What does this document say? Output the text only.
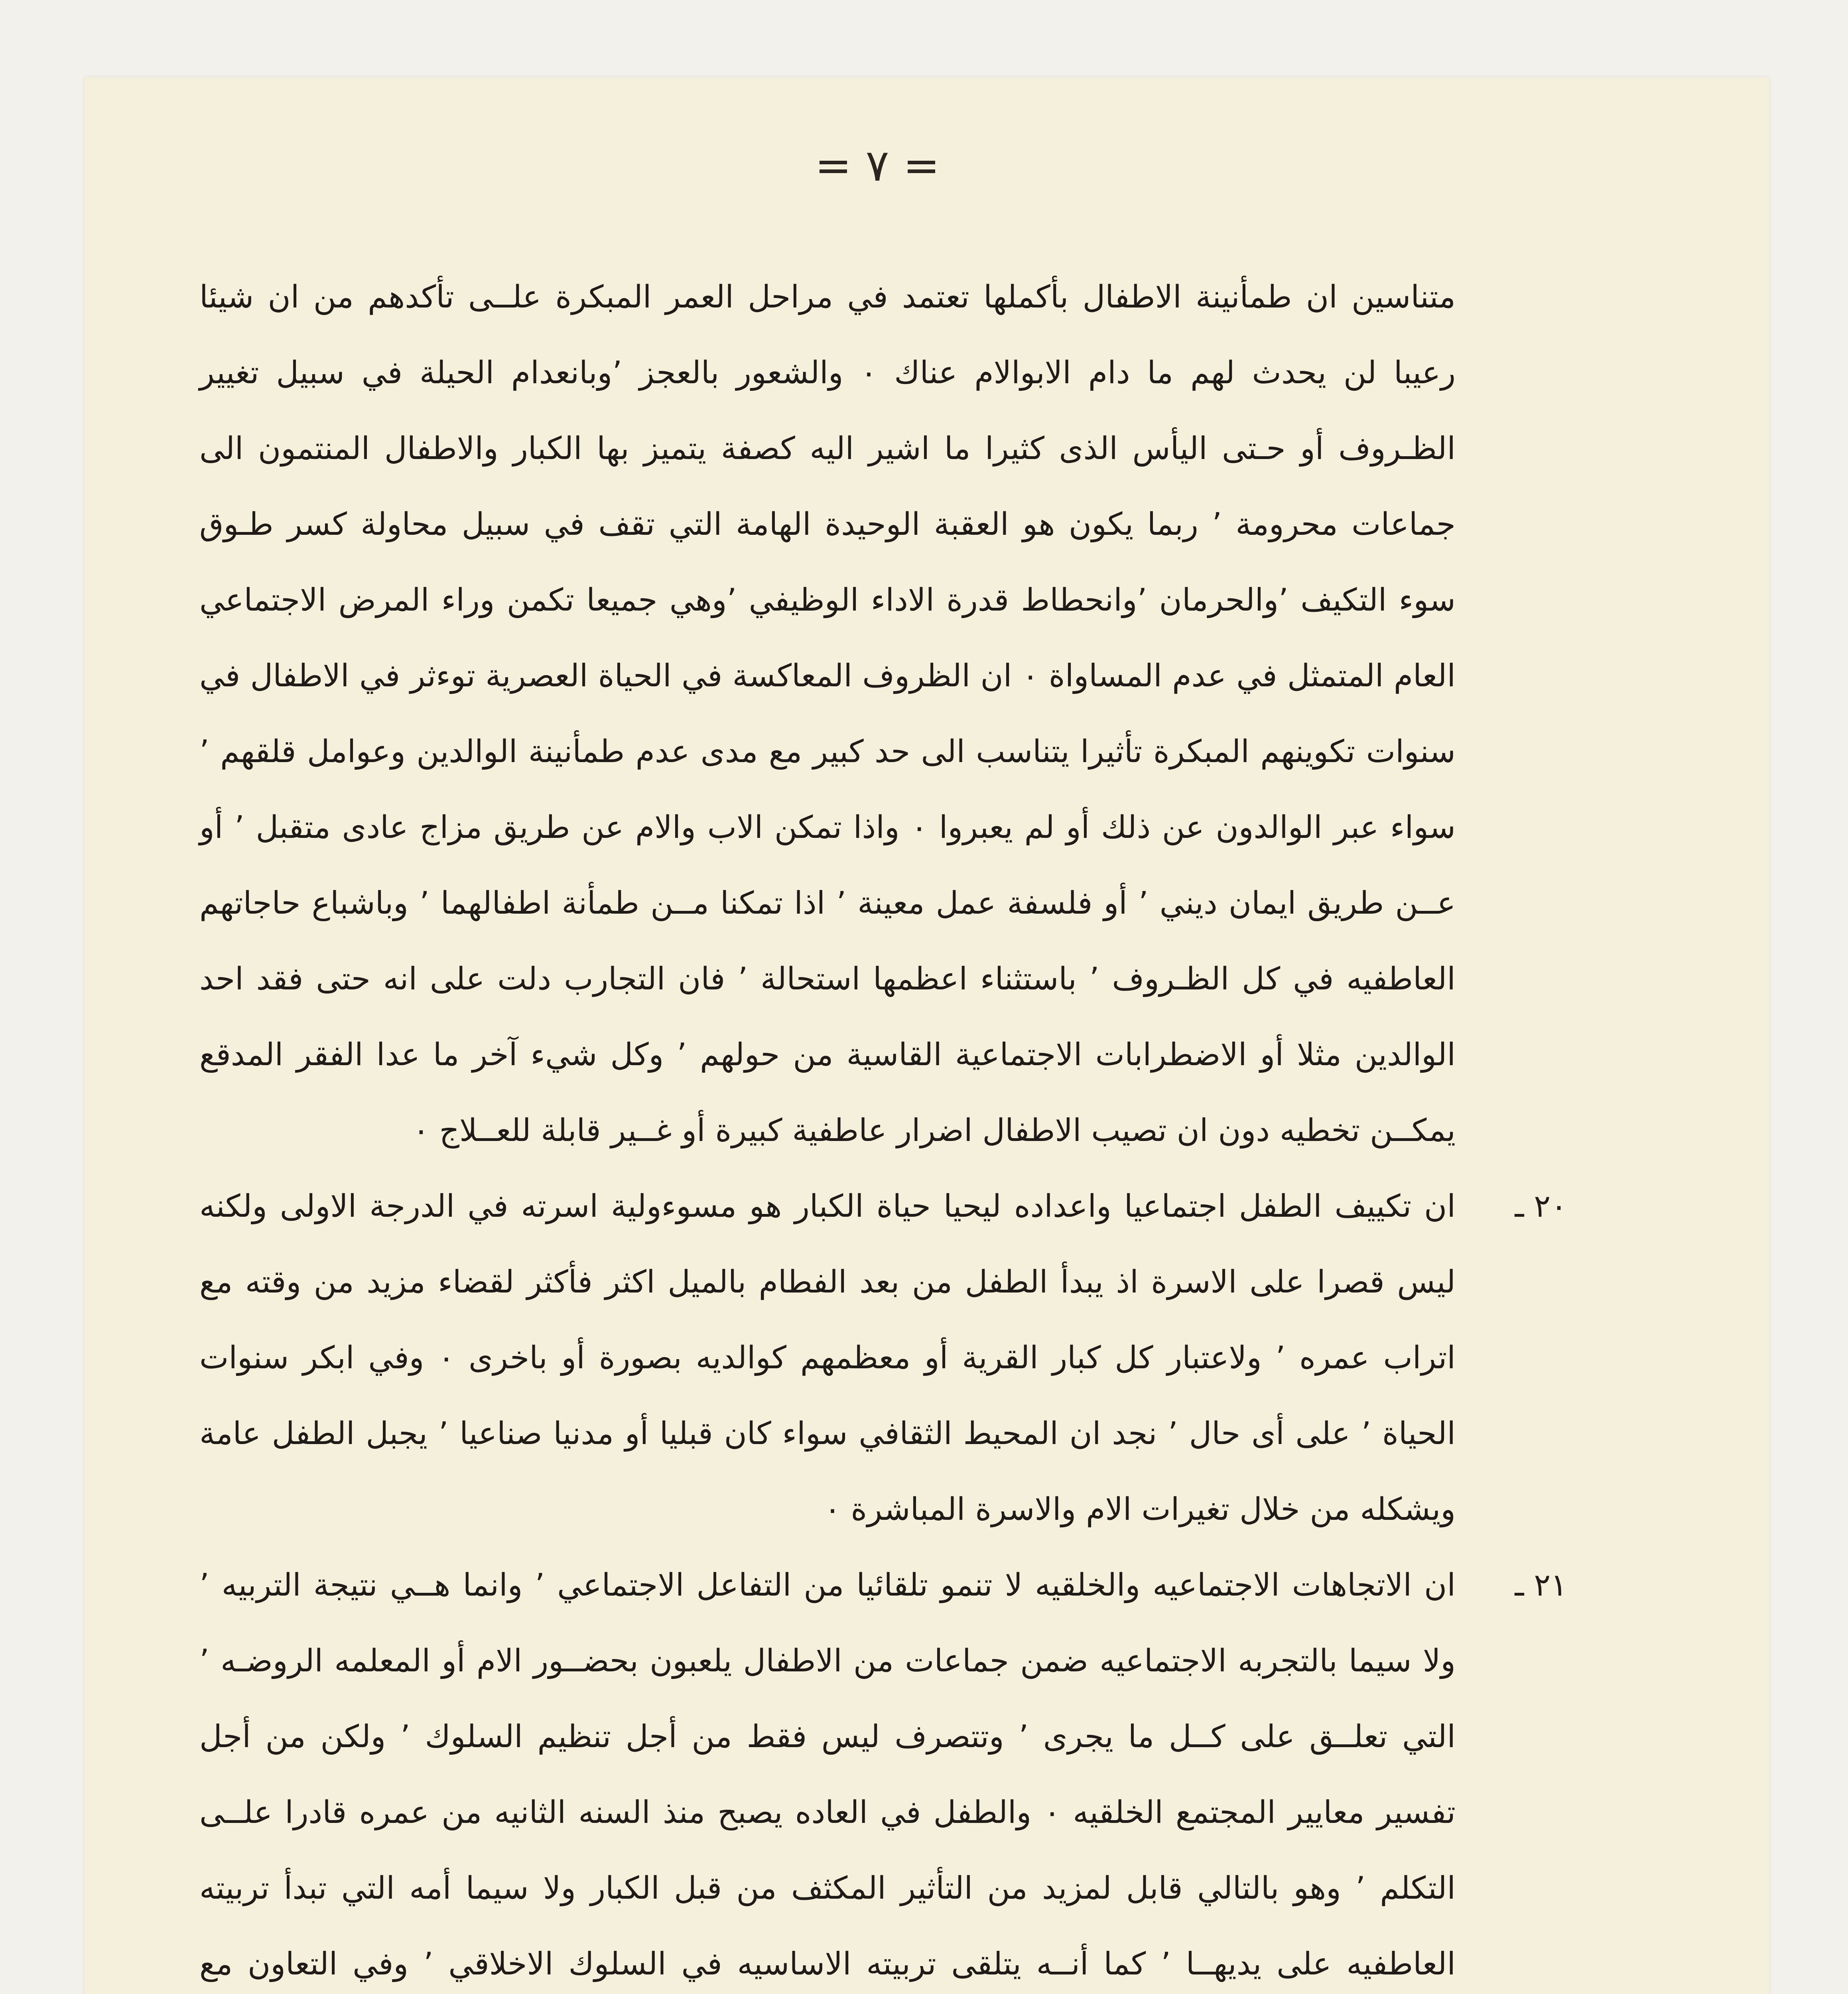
= ٧ =

متناسين ان طمأنينة الاطفال بأكملها تعتمد في مراحل العمر المبكرة علــى تأكدهم من ان شيئا رعيبا لن يحدث لهم ما دام الابوالام عناك ٠ والشعور بالعجز ٬وبانعدام الحيلة في سبيل تغيير الظـروف أو حـتى اليأس الذى كثيرا ما اشير اليه كصفة يتميز بها الكبار والاطفال المنتمون الى جماعات محرومة ٬ ربما يكون هو العقبة الوحيدة الهامة التي تقف في سبيل محاولة كسر طـوق سوء التكيف ٬والحرمان ٬وانحطاط قدرة الاداء الوظيفي ٬وهي جميعا تكمن وراء المرض الاجتماعي العام المتمثل في عدم المساواة ٠ ان الظروف المعاكسة في الحياة العصرية توءثر في الاطفال في سنوات تكوينهم المبكرة تأثيرا يتناسب الى حد كبير مع مدى عدم طمأنينة الوالدين وعوامل قلقهم ٬ سواء عبر الوالدون عن ذلك أو لم يعبروا ٠ واذا تمكن الاب والام عن طريق مزاج عادى متقبل ٬ أو عــن طريق ايمان ديني ٬ أو فلسفة عمل معينة ٬ اذا تمكنا مــن طمأنة اطفالهما ٬ وباشباع حاجاتهم العاطفيه في كل الظـروف ٬ باستثناء اعظمها استحالة ٬ فان التجارب دلت على انه حتى فقد احد الوالدين مثلا أو الاضطرابات الاجتماعية القاسية من حولهم ٬ وكل شيء آخر ما عدا الفقر المدقع يمكــن تخطيه دون ان تصيب الاطفال اضرار عاطفية كبيرة أو غــير قابلة للعــلاج ٠

٢٠ ـ
ان تكييف الطفل اجتماعيا واعداده ليحيا حياة الكبار هو مسوءولية اسرته في الدرجة الاولى ولكنه ليس قصرا على الاسرة اذ يبدأ الطفل من بعد الفطام بالميل اكثر فأكثر لقضاء مزيد من وقته مع اتراب عمره ٬ ولاعتبار كل كبار القرية أو معظمهم كوالديه بصورة أو باخرى ٠ وفي ابكر سنوات الحياة ٬ على أى حال ٬ نجد ان المحيط الثقافي سواء كان قبليا أو مدنيا صناعيا ٬ يجبل الطفل عامة ويشكله من خلال تغيرات الام والاسرة المباشرة ٠

٢١ ـ
ان الاتجاهات الاجتماعيه والخلقيه لا تنمو تلقائيا من التفاعل الاجتماعي ٬ وانما هــي نتيجة التربيه ٬ ولا سيما بالتجربه الاجتماعيه ضمن جماعات من الاطفال يلعبون بحضــور الام أو المعلمه الروضـه ٬ التي تعلــق على كــل ما يجرى ٬ وتتصرف ليس فقط من أجل تنظيم السلوك ٬ ولكن من أجل تفسير معايير المجتمع الخلقيه ٠ والطفل في العاده يصبح منذ السنه الثانيه من عمره قادرا علــى التكلم ٬ وهو بالتالي قابل لمزيد من التأثير المكثف من قبل الكبار ولا سيما أمه التي تبدأ تربيته العاطفيه على يديهــا ٬ كما أنــه يتلقى تربيته الاساسيه في السلوك الاخلاقي ٬ وفي التعاون مع
